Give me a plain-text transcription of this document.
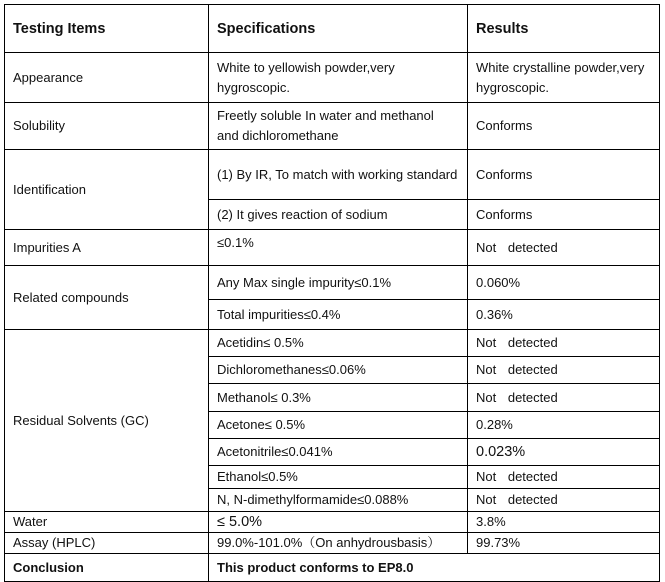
Testing Items	Specifications	Results
Appearance	White to yellowish powder,very hygroscopic.	White crystalline powder,very hygroscopic.
Solubility	Freetly soluble In water and methanol and dichloromethane	Conforms
Identification	(1) By IR, To match with working standard	Conforms
	(2) It gives reaction of sodium	Conforms
Impurities A	≤0.1%	Not detected
Related compounds	Any Max single impurity≤0.1%	0.060%
	Total impurities≤0.4%	0.36%
Residual Solvents (GC)	Acetidin≤ 0.5%	Not detected
	Dichloromethanes≤0.06%	Not detected
	Methanol≤ 0.3%	Not detected
	Acetone≤ 0.5%	0.28%
	Acetonitrile≤0.041%	0.023%
	Ethanol≤0.5%	Not detected
	N, N-dimethylformamide≤0.088%	Not detected
Water	≤ 5.0%	3.8%
Assay (HPLC)	99.0%-101.0%（On anhydrousbasis）	99.73%
Conclusion	This product conforms to EP8.0	
